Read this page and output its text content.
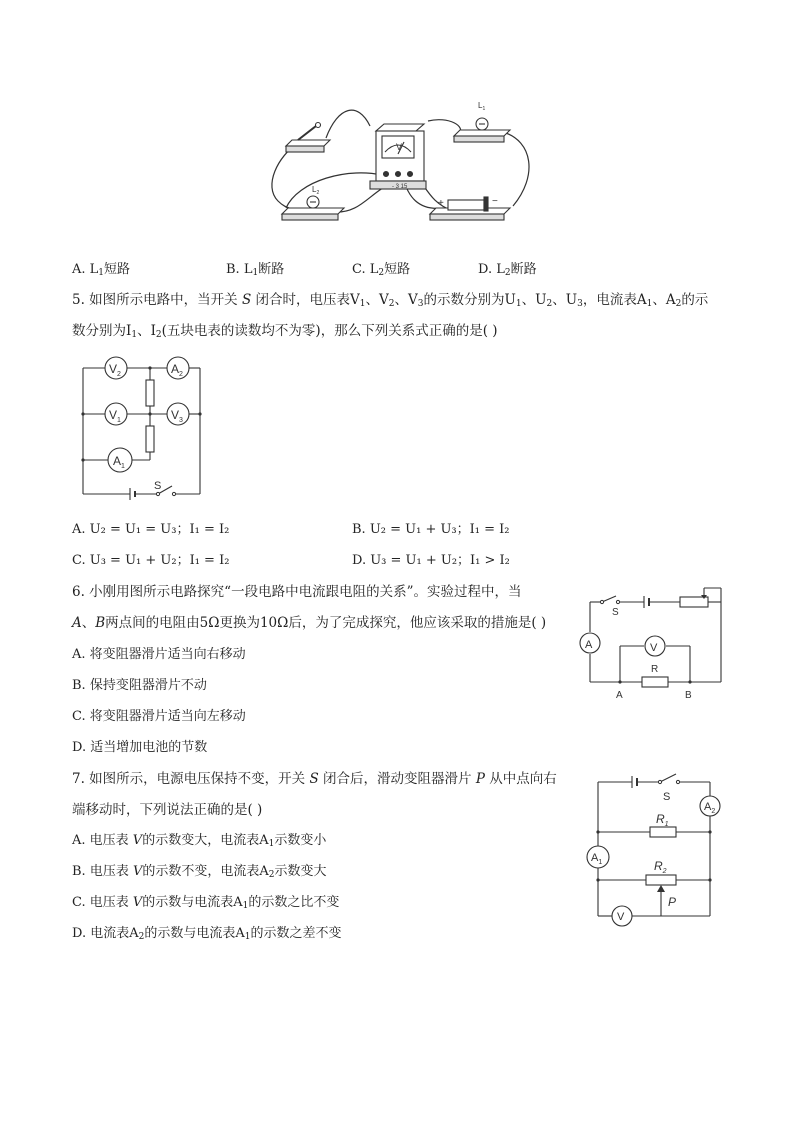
V
- 3 15
$L_1$
$L_2$
+	−
A. $L_1$短路	B. $L_1$断路	C. $L_2$短路	D. $L_2$断路
5. 如图所示电路中，当开关 S 闭合时，电压表$V_1$、$V_2$、$V_3$的示数分别为$U_1$、$U_2$、$U_3$，电流表$A_1$、$A_2$的示
数分别为$I_1$、$I_2$(五块电表的读数均不为零)，那么下列关系式正确的是( )
$V_2$	$A_2$
$V_1$	$V_3$
$A_1$
S
A. U₂ = U₁ = U₃；I₁ = I₂	B. U₂ = U₁ + U₃；I₁ = I₂
C. U₃ = U₁ + U₂；I₁ = I₂	D. U₃ = U₁ + U₂；I₁ > I₂
6. 小刚用图所示电路探究“一段电路中电流跟电阻的关系”。实验过程中，当
A、B两点间的电阻由5Ω更换为10Ω后，为了完成探究，他应该采取的措施是( )
A. 将变阻器滑片适当向右移动
B. 保持变阻器滑片不动
C. 将变阻器滑片适当向左移动
D. 适当增加电池的节数
S
A	V
R
A	B
7. 如图所示，电源电压保持不变，开关 S 闭合后，滑动变阻器滑片 P 从中点向右
端移动时，下列说法正确的是( )
A. 电压表 V的示数变大，电流表$A_1$示数变小
B. 电压表 V的示数不变，电流表$A_2$示数变大
C. 电压表 V的示数与电流表$A_1$的示数之比不变
D. 电流表$A_2$的示数与电流表$A_1$的示数之差不变
S
$A_2$
$R_1$
$A_1$	$R_2$
V
P
